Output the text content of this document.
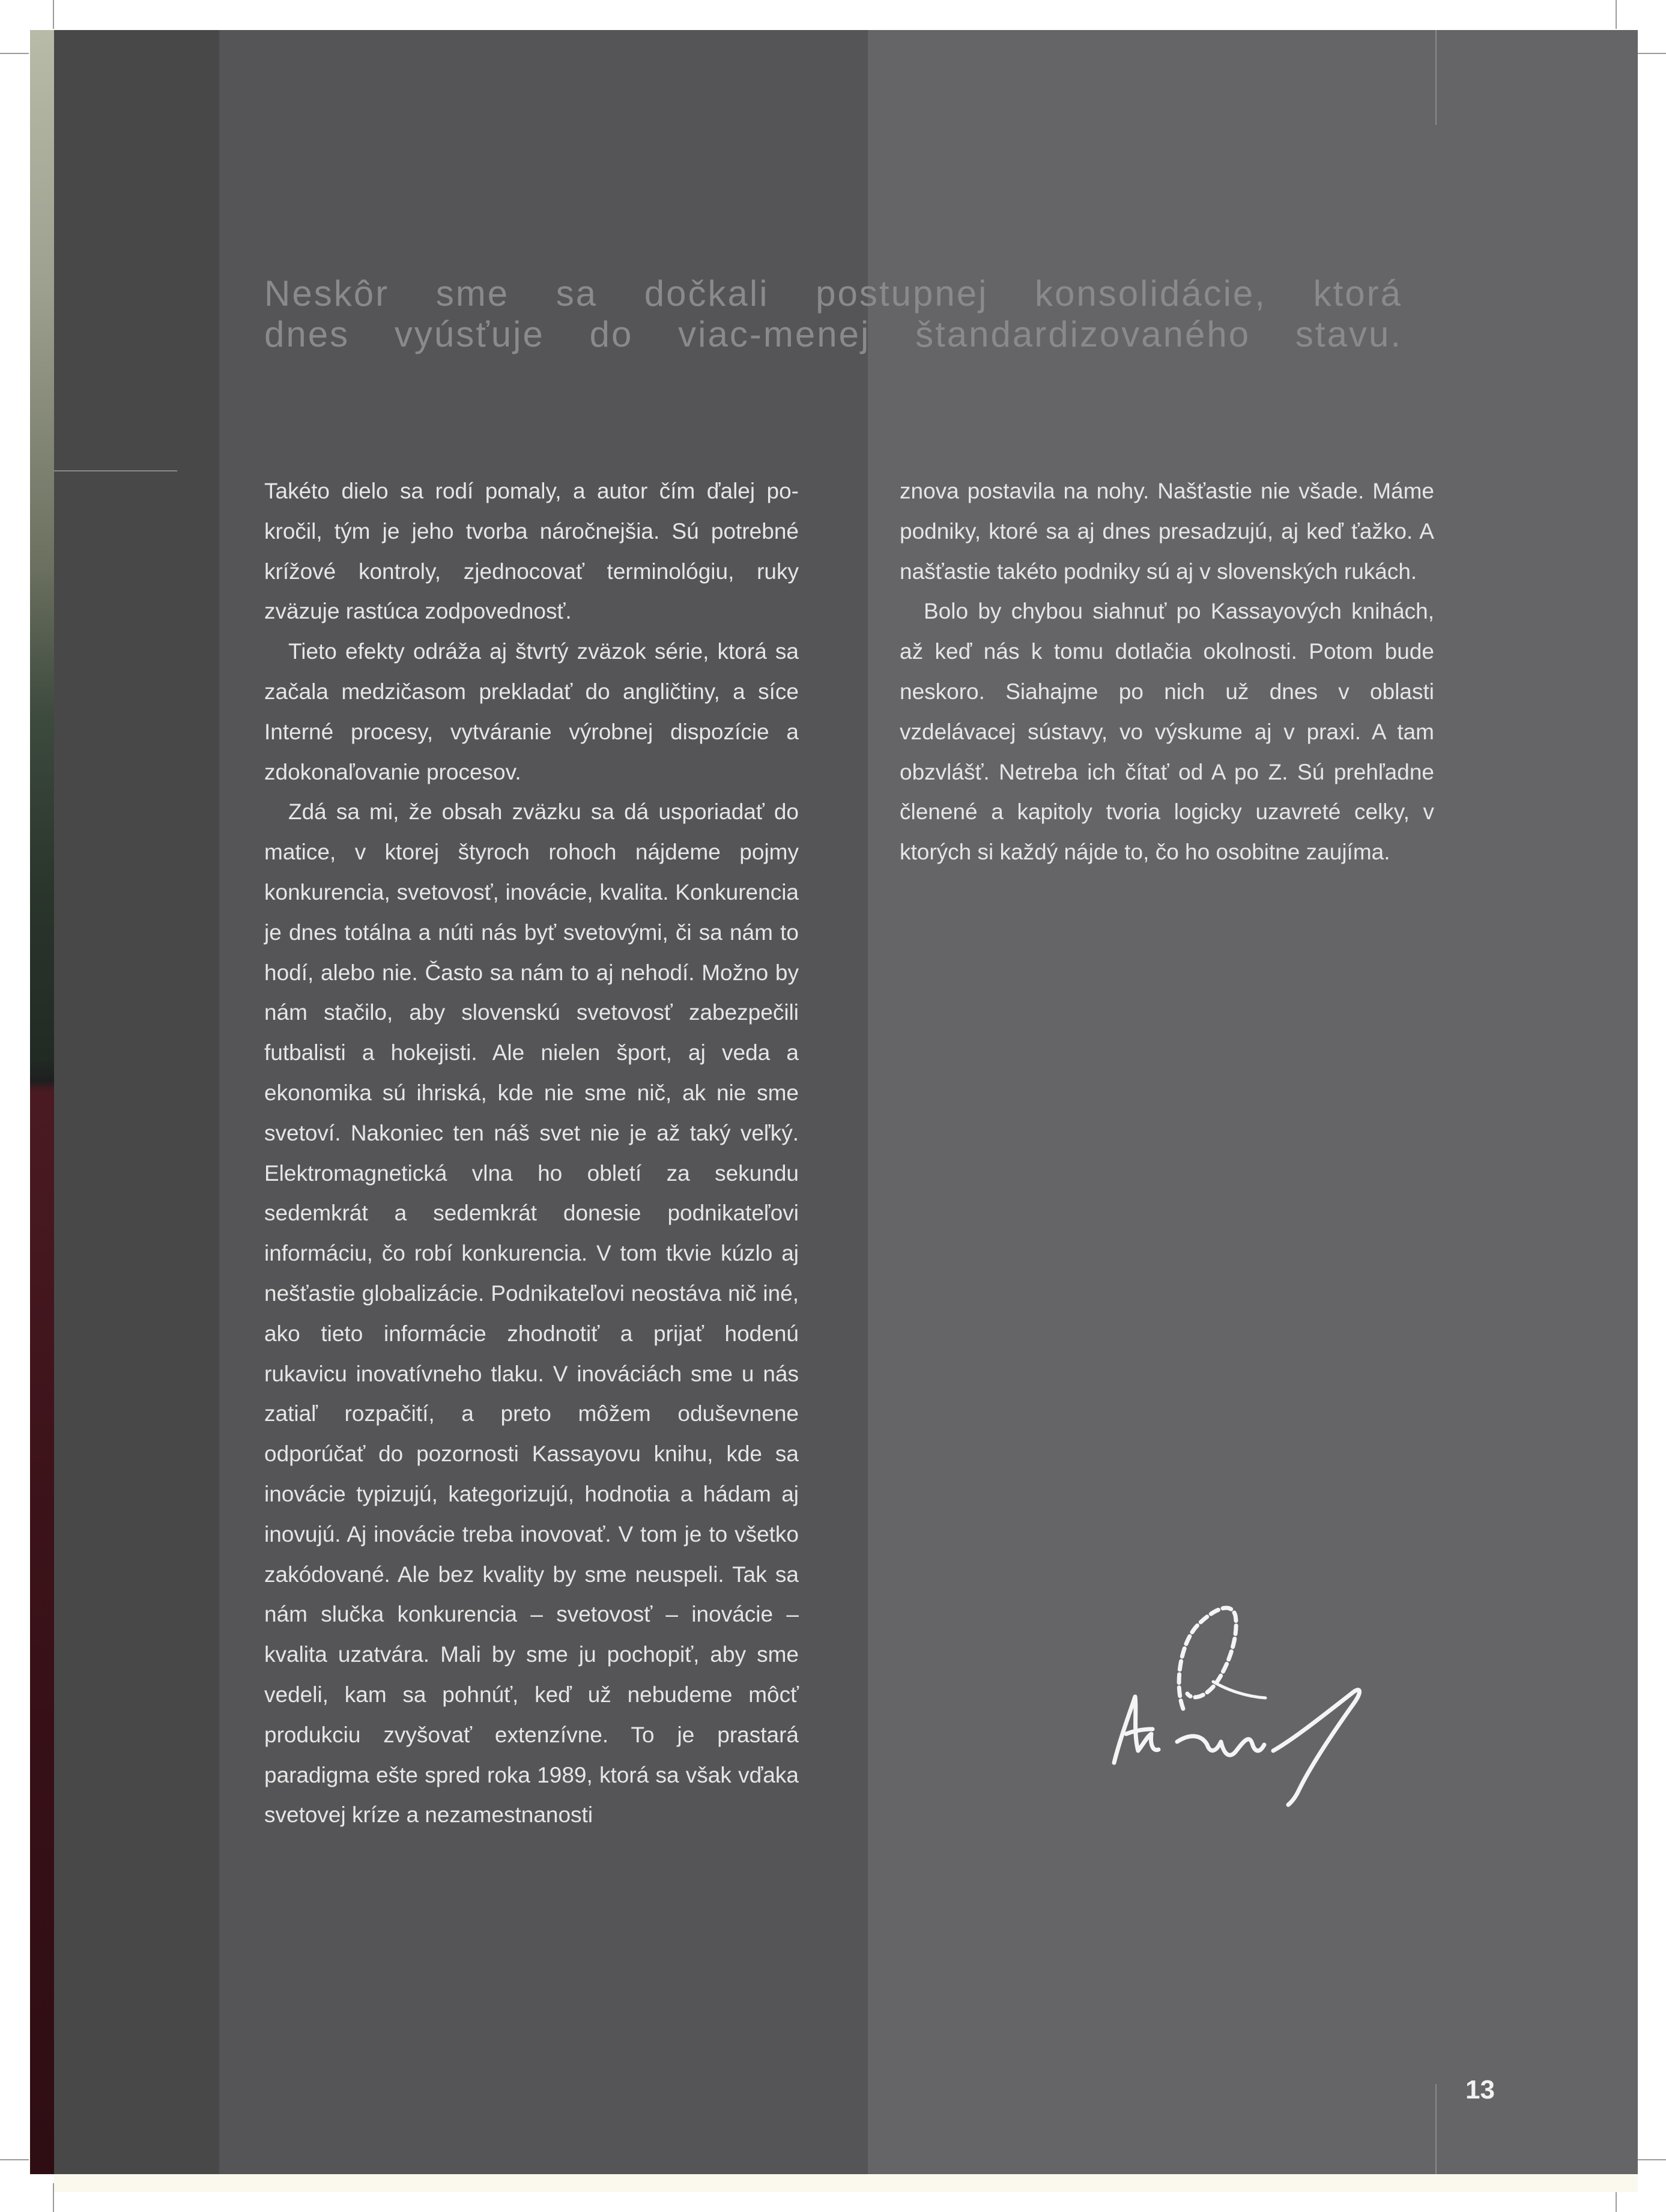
Neskôr sme sa dočkali postupnej konsolidácie, ktorá
dnes vyúsťuje do viac-menej štandardizovaného stavu.

Takéto dielo sa rodí pomaly, a autor čím ďalej pokročil, tým je jeho tvorba náročnejšia. Sú potrebné krížové kontroly, zjednocovať terminológiu, ruky zväzuje rastúca zodpovednosť.

Tieto efekty odráža aj štvrtý zväzok série, ktorá sa začala medzičasom prekladať do angličtiny, a síce Interné procesy, vytváranie výrobnej dispozície a zdokonaľovanie procesov.

Zdá sa mi, že obsah zväzku sa dá usporiadať do matice, v ktorej štyroch rohoch nájdeme pojmy konkurencia, svetovosť, inovácie, kvalita. Konkurencia je dnes totálna a núti nás byť svetovými, či sa nám to hodí, alebo nie. Často sa nám to aj nehodí. Možno by nám stačilo, aby slovenskú svetovosť zabezpečili futbalisti a hokejisti. Ale nielen šport, aj veda a ekonomika sú ihriská, kde nie sme nič, ak nie sme svetoví. Nakoniec ten náš svet nie je až taký veľký. Elektromagnetická vlna ho obletí za sekundu sedemkrát a sedemkrát donesie podnikateľovi informáciu, čo robí konkurencia. V tom tkvie kúzlo aj nešťastie globalizácie. Podnikateľovi neostáva nič iné, ako tieto informácie zhodnotiť a prijať hodenú rukavicu inovatívneho tlaku. V inováciách sme u nás zatiaľ rozpačití, a preto môžem oduševnene odporúčať do pozornosti Kassayovu knihu, kde sa inovácie typizujú, kategorizujú, hodnotia a hádam aj inovujú. Aj inovácie treba inovovať. V tom je to všetko zakódované. Ale bez kvality by sme neuspeli. Tak sa nám slučka konkurencia – svetovosť – inovácie – kvalita uzatvára. Mali by sme ju pochopiť, aby sme vedeli, kam sa pohnúť, keď už nebudeme môcť produkciu zvyšovať extenzívne. To je prastará paradigma ešte spred roka 1989, ktorá sa však vďaka svetovej kríze a nezamestnanosti

znova postavila na nohy. Našťastie nie všade. Máme podniky, ktoré sa aj dnes presadzujú, aj keď ťažko. A našťastie takéto podniky sú aj v slovenských rukách.

Bolo by chybou siahnuť po Kassayových knihách, až keď nás k tomu dotlačia okolnosti. Potom bude neskoro. Siahajme po nich už dnes v oblasti vzdelávacej sústavy, vo výskume aj v praxi. A tam obzvlášť. Netreba ich čítať od A po Z. Sú prehľadne členené a kapitoly tvoria logicky uzavreté celky, v ktorých si každý nájde to, čo ho osobitne zaujíma.

13
